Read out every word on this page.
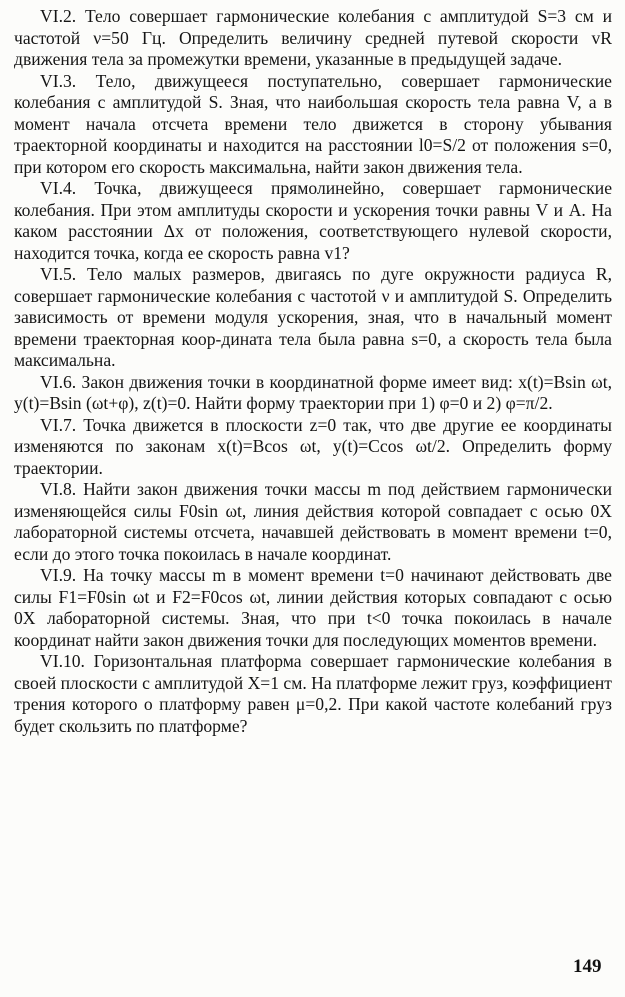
VI.2. Тело совершает гармонические колебания с амплитудой S=3 см и частотой ν=50 Гц. Определить величину средней путевой скорости vR движения тела за промежутки времени, указанные в предыдущей задаче.

VI.3. Тело, движущееся поступательно, совершает гармонические колебания с амплитудой S. Зная, что наибольшая скорость тела равна V, а в момент начала отсчета времени тело движется в сторону убывания траекторной координаты и находится на расстоянии l0=S/2 от положения s=0, при котором его скорость максимальна, найти закон движения тела.

VI.4. Точка, движущееся прямолинейно, совершает гармонические колебания. При этом амплитуды скорости и ускорения точки равны V и A. На каком расстоянии Δx от положения, соответствующего нулевой скорости, находится точка, когда ее скорость равна v1?

VI.5. Тело малых размеров, двигаясь по дуге окружности радиуса R, совершает гармонические колебания с частотой ν и амплитудой S. Определить зависимость от времени модуля ускорения, зная, что в начальный момент времени траекторная коор-дината тела была равна s=0, а скорость тела была максимальна.

VI.6. Закон движения точки в координатной форме имеет вид: x(t)=Bsin ωt, y(t)=Bsin (ωt+φ), z(t)=0. Найти форму траектории при 1) φ=0 и 2) φ=π/2.

VI.7. Точка движется в плоскости z=0 так, что две другие ее координаты изменяются по законам x(t)=Bcos ωt, y(t)=Ccos ωt/2. Определить форму траектории.

VI.8. Найти закон движения точки массы m под действием гармонически изменяющейся силы F0sin ωt, линия действия которой совпадает с осью 0X лабораторной системы отсчета, начавшей действовать в момент времени t=0, если до этого точка покоилась в начале координат.

VI.9. На точку массы m в момент времени t=0 начинают действовать две силы F1=F0sin ωt и F2=F0cos ωt, линии действия которых совпадают с осью 0X лабораторной системы. Зная, что при t<0 точка покоилась в начале координат найти закон движения точки для последующих моментов времени.

VI.10. Горизонтальная платформа совершает гармонические колебания в своей плоскости с амплитудой X=1 см. На платформе лежит груз, коэффициент трения которого о платформу равен μ=0,2. При какой частоте колебаний груз будет скользить по платформе?

149
